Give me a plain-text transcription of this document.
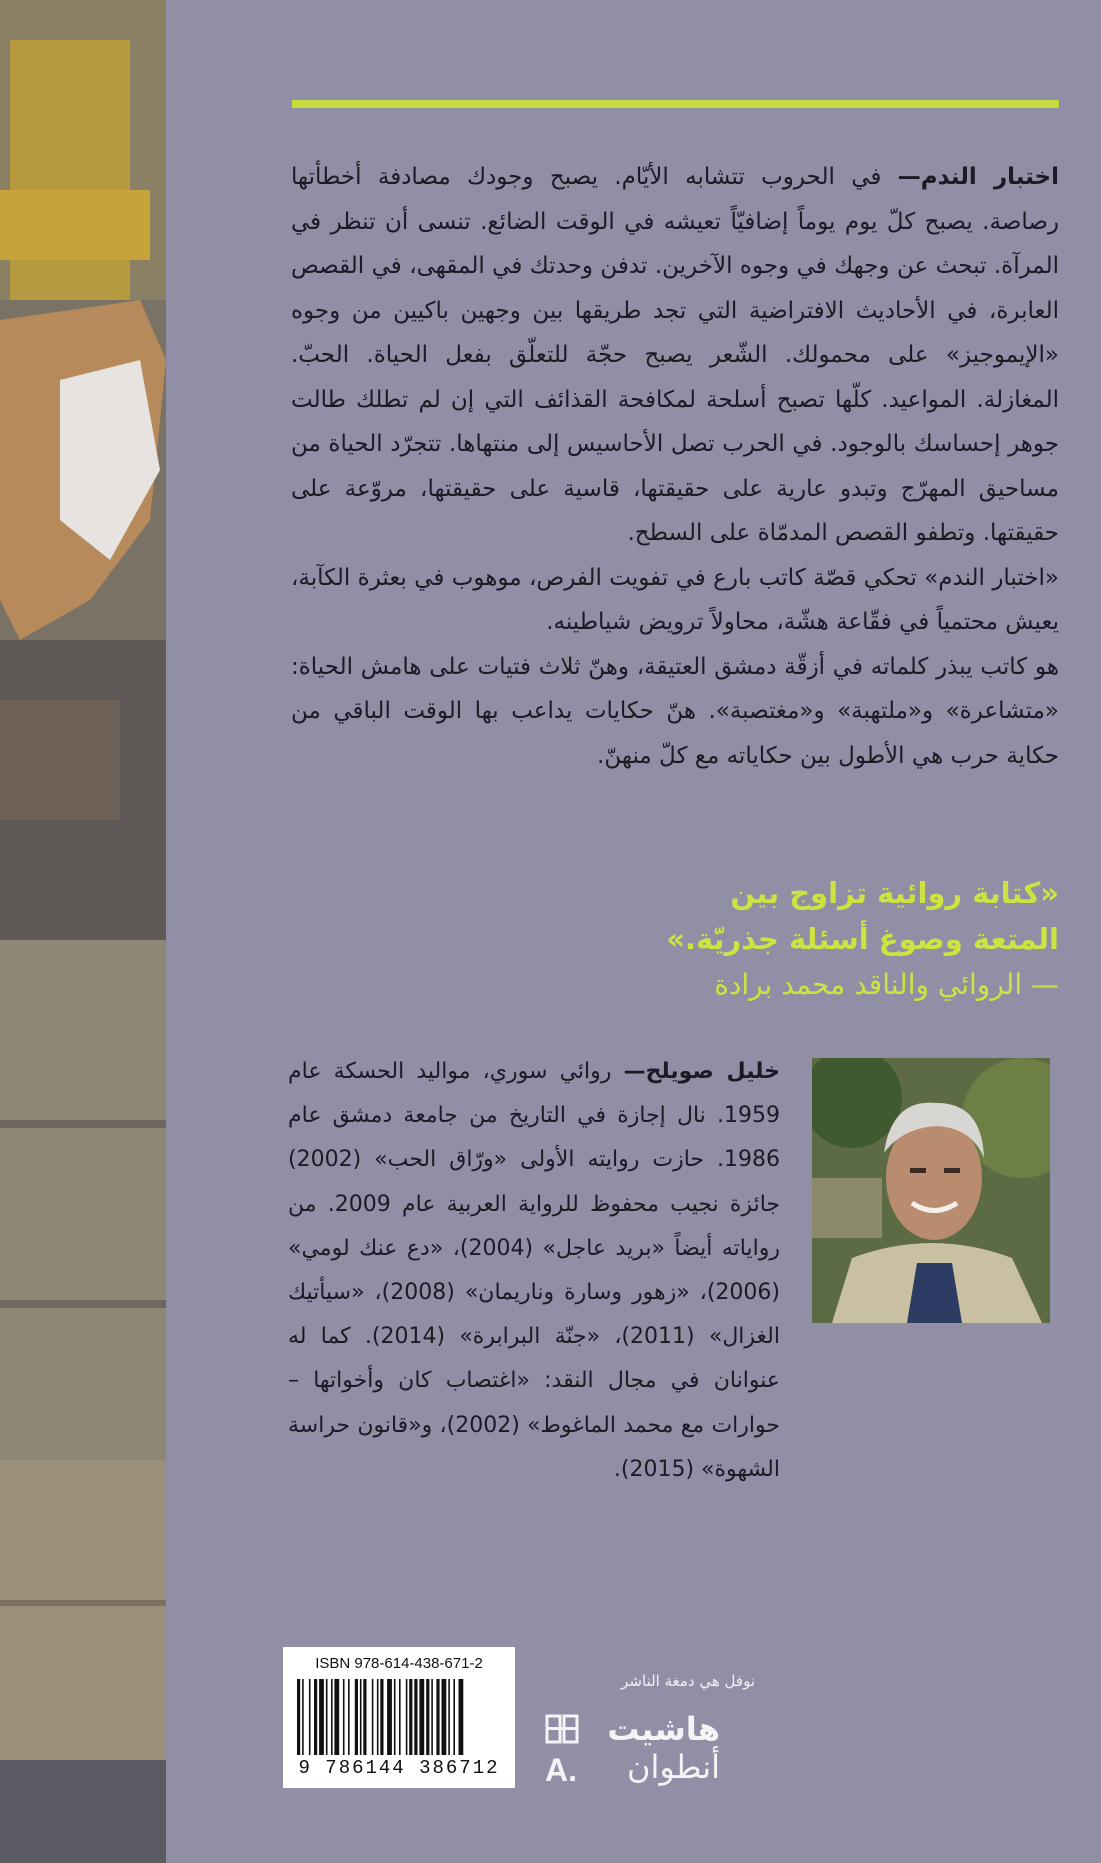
اختبار الندم— في الحروب تتشابه الأيّام. يصبح وجودك مصادفة أخطأتها رصاصة. يصبح كلّ يوم يوماً إضافيّاً تعيشه في الوقت الضائع. تنسى أن تنظر في المرآة. تبحث عن وجهك في وجوه الآخرين. تدفن وحدتك في المقهى، في القصص العابرة، في الأحاديث الافتراضية التي تجد طريقها بين وجهين باكيين من وجوه «الإيموجيز» على محمولك. الشّعر يصبح حجّة للتعلّق بفعل الحياة. الحبّ. المغازلة. المواعيد. كلّها تصبح أسلحة لمكافحة القذائف التي إن لم تطلك طالت جوهر إحساسك بالوجود. في الحرب تصل الأحاسيس إلى منتهاها. تتجرّد الحياة من مساحيق المهرّج وتبدو عارية على حقيقتها، قاسية على حقيقتها، مروّعة على حقيقتها. وتطفو القصص المدمّاة على السطح.

«اختبار الندم» تحكي قصّة كاتب بارع في تفويت الفرص، موهوب في بعثرة الكآبة، يعيش محتمياً في فقّاعة هشّة، محاولاً ترويض شياطينه.

هو كاتب يبذر كلماته في أزقّة دمشق العتيقة، وهنّ ثلاث فتيات على هامش الحياة: «متشاعرة» و«ملتهبة» و«مغتصبة». هنّ حكايات يداعب بها الوقت الباقي من حكاية حرب هي الأطول بين حكاياته مع كلّ منهنّ.

«كتابة روائية تزاوج بين
المتعة وصوغ أسئلة جذريّة.»
— الروائي والناقد محمد برادة
خليل صويلح— روائي سوري، مواليد الحسكة عام 1959. نال إجازة في التاريخ من جامعة دمشق عام 1986. حازت روايته الأولى «ورّاق الحب» (2002) جائزة نجيب محفوظ للرواية العربية عام 2009. من رواياته أيضاً «بريد عاجل» (2004)، «دع عنك لومي» (2006)، «زهور وسارة وناريمان» (2008)، «سيأتيك الغزال» (2011)، «جنّة البرابرة» (2014). كما له عنوانان في مجال النقد: «اغتصاب كان وأخواتها – حوارات مع محمد الماغوط» (2002)، و«قانون حراسة الشهوة» (2015).
ISBN 978-614-438-671-2
9 786144 386712
نوفل هي دمغة الناشر
هاشيت
A. أنطوان
